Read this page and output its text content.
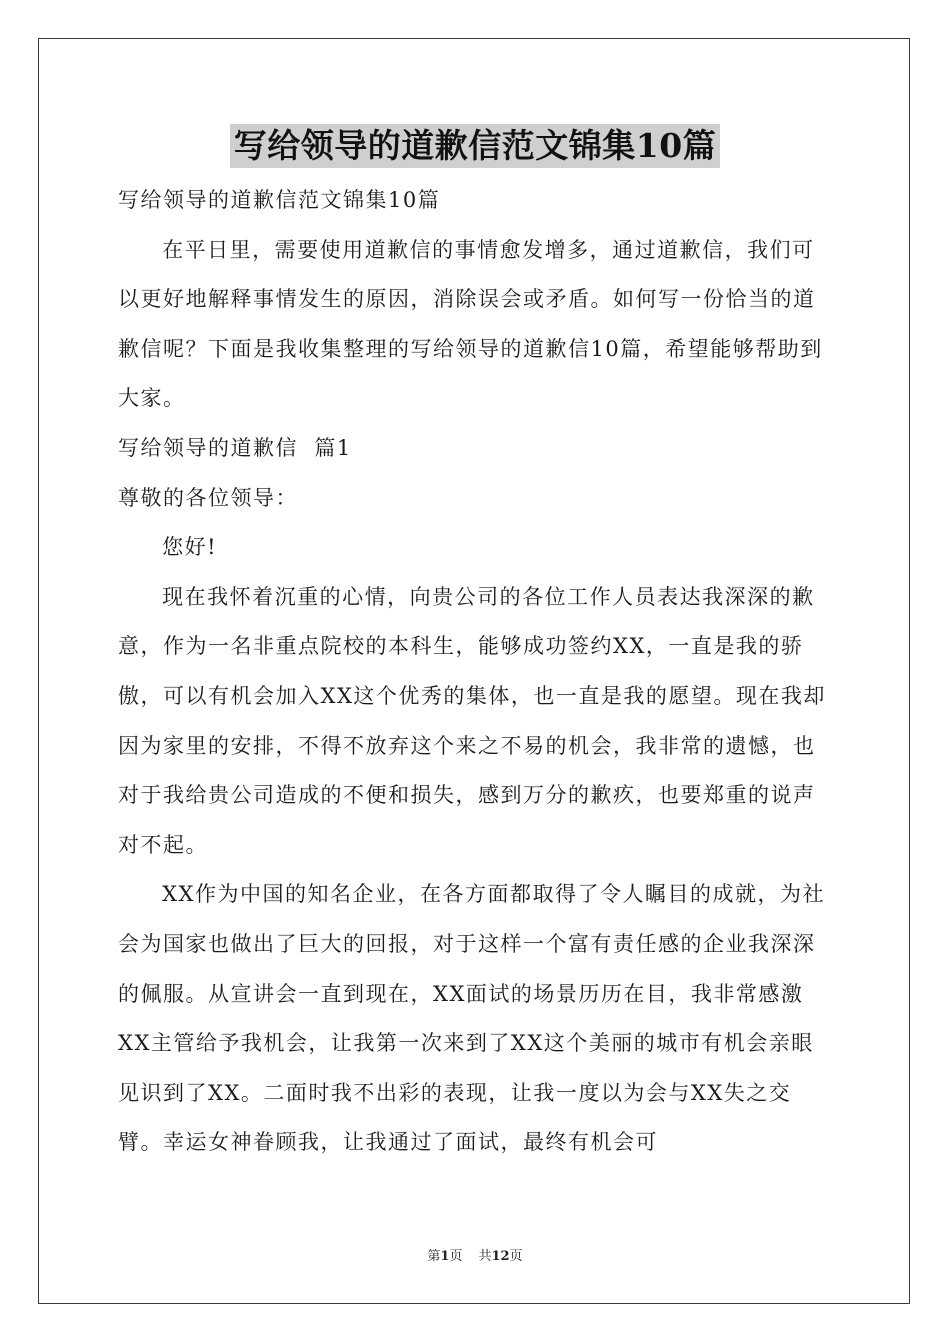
写给领导的道歉信范文锦集10篇

写给领导的道歉信范文锦集10篇

在平日里，需要使用道歉信的事情愈发增多，通过道歉信，我们可以更好地解释事情发生的原因，消除误会或矛盾。如何写一份恰当的道歉信呢？下面是我收集整理的写给领导的道歉信10篇，希望能够帮助到大家。

写给领导的道歉信  篇1

尊敬的各位领导：

您好!

现在我怀着沉重的心情，向贵公司的各位工作人员表达我深深的歉意，作为一名非重点院校的本科生，能够成功签约XX，一直是我的骄傲，可以有机会加入XX这个优秀的集体，也一直是我的愿望。现在我却因为家里的安排，不得不放弃这个来之不易的机会，我非常的遗憾，也对于我给贵公司造成的不便和损失，感到万分的歉疚，也要郑重的说声对不起。

XX作为中国的知名企业，在各方面都取得了令人瞩目的成就，为社会为国家也做出了巨大的回报，对于这样一个富有责任感的企业我深深的佩服。从宣讲会一直到现在，XX面试的场景历历在目，我非常感激XX主管给予我机会，让我第一次来到了XX这个美丽的城市有机会亲眼见识到了XX。二面时我不出彩的表现，让我一度以为会与XX失之交臂。幸运女神眷顾我，让我通过了面试，最终有机会可

第1页 共12页
